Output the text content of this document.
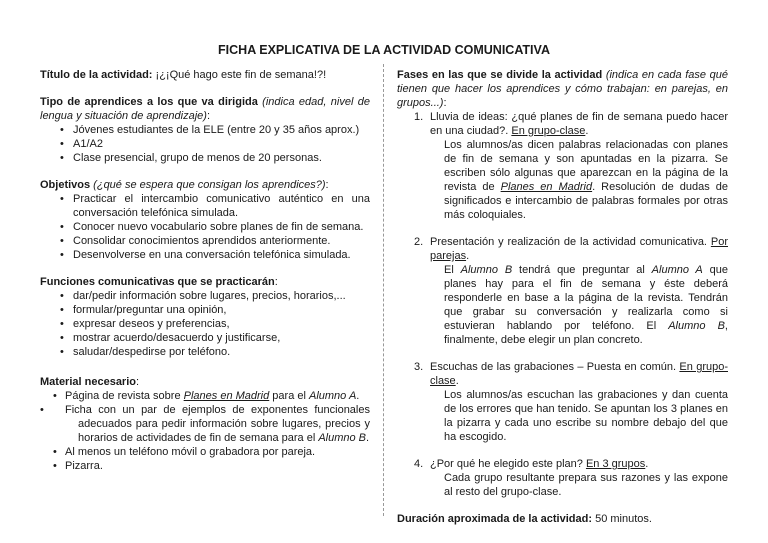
FICHA EXPLICATIVA DE LA ACTIVIDAD COMUNICATIVA

Título de la actividad: ¡¿¡Qué hago este fin de semana!?!

Tipo de aprendices a los que va dirigida (indica edad, nivel de lengua y situación de aprendizaje):

• Jóvenes estudiantes de la ELE (entre 20 y 35 años aprox.)
• A1/A2
• Clase presencial, grupo de menos de 20 personas.

Objetivos (¿qué se espera que consigan los aprendices?):

• Practicar el intercambio comunicativo auténtico en una conversación telefónica simulada.
• Conocer nuevo vocabulario sobre planes de fin de semana.
• Consolidar conocimientos aprendidos anteriormente.
• Desenvolverse en una conversación telefónica simulada.

Funciones comunicativas que se practicarán:

• dar/pedir información sobre lugares, precios, horarios,...
• formular/preguntar una opinión,
• expresar deseos y preferencias,
• mostrar acuerdo/desacuerdo y justificarse,
• saludar/despedirse por teléfono.

Material necesario:

• Página de revista sobre Planes en Madrid para el Alumno A.
• Ficha con un par de ejemplos de exponentes funcionales adecuados para pedir información sobre lugares, precios y horarios de actividades de fin de semana para el Alumno B.
• Al menos un teléfono móvil o grabadora por pareja.
• Pizarra.

Fases en las que se divide la actividad (indica en cada fase qué tienen que hacer los aprendices y cómo trabajan: en parejas, en grupos...):

1. Lluvia de ideas: ¿qué planes de fin de semana puedo hacer en una ciudad?. En grupo-clase.

Los alumnos/as dicen palabras relacionadas con planes de fin de semana y son apuntadas en la pizarra. Se escriben sólo algunas que aparezcan en la página de la revista de Planes en Madrid. Resolución de dudas de significados e intercambio de palabras formales por otras más coloquiales.

2. Presentación y realización de la actividad comunicativa. Por parejas.

El Alumno B tendrá que preguntar al Alumno A que planes hay para el fin de semana y éste deberá responderle en base a la página de la revista. Tendrán que grabar su conversación y realizarla como si estuvieran hablando por teléfono. El Alumno B, finalmente, debe elegir un plan concreto.

3. Escuchas de las grabaciones – Puesta en común. En grupo-clase.

Los alumnos/as escuchan las grabaciones y dan cuenta de los errores que han tenido. Se apuntan los 3 planes en la pizarra y cada uno escribe su nombre debajo del que ha escogido.

4. ¿Por qué he elegido este plan? En 3 grupos.

Cada grupo resultante prepara sus razones y las expone al resto del grupo-clase.

Duración aproximada de la actividad: 50 minutos.
